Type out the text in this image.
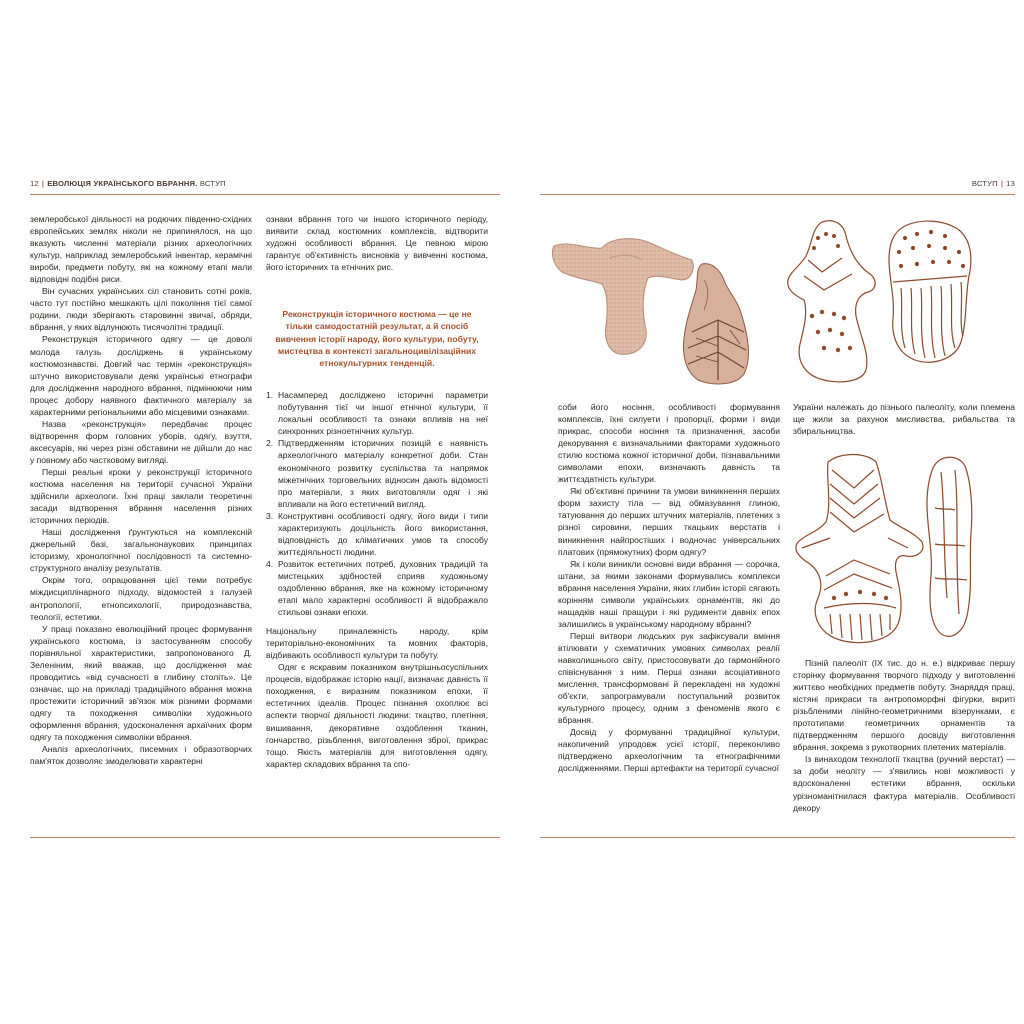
12 | ЕВОЛЮЦІЯ УКРАЇНСЬКОГО ВБРАННЯ. ВСТУП

землеробської діяльності на родючих південно-східних європейських землях ніколи не припинялося, на що вказують численні матеріали різних археологічних культур, наприклад землеробський інвентар, керамічні вироби, предмети побуту, які на кожному етапі мали відповідні подібні риси.

Він сучасних українських сіл становить сотні років, часто тут постійно мешкають цілі покоління тієї самої родини, люди зберігають старовинні звичаї, обряди, вбрання, у яких відлунюють тисячолітні традиції.

Реконструкція історичного одягу — це доволі молода галузь досліджень в українському костюмознавстві. Довгий час термін «реконструкція» штучно використовували деякі українські етнографи для дослідження народного вбрання, підмінюючи ним процес добору наявного фактичного матеріалу за характерними регіональними або місцевими ознаками.

Назва «реконструкція» передбачає процес відтворення форм головних уборів, одягу, взуття, аксесуарів, які через різні обставини не дійшли до нас у повному або частковому вигляді.

Перші реальні кроки у реконструкції історичного костюма населення на території сучасної України здійснили археологи. Їхні праці заклали теоретичні засади відтворення вбрання населення різних історичних періодів.

Наші дослідження ґрунтуються на комплексній джерельній базі, загальнонаукових принципах історизму, хронологічної послідовності та системно-структурного аналізу результатів.

Окрім того, опрацювання цієї теми потребує міждисциплінарного підходу, відомостей з галузей антропології, етнопсихології, природознавства, теології, естетики.

У праці показано еволюційний процес формування українського костюма, із застосуванням способу порівняльної характеристики, запропонованого Д. Зеленіним, який вважав, що дослідження має проводитись «від сучасності в глибину століть». Це означає, що на прикладі традиційного вбрання можна простежити історичний зв'язок між різними формами одягу та походження символіки художнього оформлення вбрання, удосконалення архаїчних форм одягу та походження символіки вбрання.

Аналіз археологічних, писемних і образотворчих пам'яток дозволяє змоделювати характерні

ознаки вбрання того чи іншого історичного періоду, виявити склад костюмних комплексів, відтворити художні особливості вбрання. Це певною мірою гарантує об'єктивність висновків у вивченні костюма, його історичних та етнічних рис.

Реконструкція історичного костюма — це не тільки самодостатній результат, а й спосіб вивчення історії народу, його культури, побуту, мистецтва в контексті загальноцивілізаційних етнокультурних тенденцій.
1. Насамперед досліджено історичні параметри побутування тієї чи іншої етнічної культури, її локальні особливості та ознаки впливів на неї синхронних різноетнічних культур.
2. Підтвердженням історичних позицій є наявність археологічного матеріалу конкретної доби. Стан економічного розвитку суспільства та напрямок міжетнічних торговельних відносин дають відомості про матеріали, з яких виготовляли одяг і які впливали на його естетичний вигляд.
3. Конструктивні особливості одягу, його види і типи характеризують доцільність його використання, відповідність до кліматичних умов та способу життєдіяльності людини.
4. Розвиток естетичних потреб, духовних традицій та мистецьких здібностей сприяв художньому оздобленню вбрання, яке на кожному історичному етапі мало характерні особливості й відображало стильові ознаки епохи.

Національну приналежність народу, крім територіально-економічних та мовних факторів, відбивають особливості культури та побуту.

Одяг є яскравим показником внутрішньосуспільних процесів, відображає історію нації, визначає давність її походження, є виразним показником епохи, її естетичних ідеалів. Процес пізнання охоплює всі аспекти творчої діяльності людини: ткацтво, плетіння, вишивання, декоративне оздоблення тканин, гончарство, різьблення, виготовлення зброї, прикрас тощо. Якість матеріалів для виготовлення одягу, характер складових вбрання та спо-

ВСТУП | 13

соби його носіння, особливості формування комплексів, їхні силуети і пропорції, форми і види прикрас, способи носіння та призначення, засоби декорування є визначальними факторами художнього стилю костюма кожної історичної доби, пізнавальними символами епохи, визначають давність та життєздатність культури.

Які об'єктивні причини та умови виникнення перших форм захисту тіла — від обмазування глиною, татуювання до перших штучних матеріалів, плетених з різної сировини, перших ткацьких верстатів і виникнення найпростіших і водночас універсальних платових (прямокутних) форм одягу?

Як і коли виникли основні види вбрання — сорочка, штани, за якими законами формувались комплекси вбрання населення України, яких глибин історії сягають корінням символи українських орнаментів, які до нащадків наші пращури і які рудименти давніх епох залишились в українському народному вбранні?

Перші витвори людських рук зафіксували вміння втілювати у схематичних умовних символах реалії навколишнього світу, пристосовувати до гармонійного співіснування з ним. Перші ознаки асоціативного мислення, трансформовані й перекладені на художні об'єкти, запрограмували поступальний розвиток культурного процесу, одним з феноменів якого є вбрання.

Досвід у формуванні традиційної культури, накопичений упродовж усієї історії, переконливо підтверджено археологічним та етнографічними дослідженнями. Перші артефакти на території сучасної

України належать до пізнього палеоліту, коли племена ще жили за рахунок мисливства, рибальства та збиральництва.

Пізній палеоліт (IX тис. до н. е.) відкриває першу сторінку формування творчого підходу у виготовленні життєво необхідних предметів побуту. Знаряддя праці, кістяні прикраси та антропоморфні фігурки, вкриті різьбленими лінійно-геометричними візерунками, є прототипами геометричних орнаментів та підтвердженням першого досвіду виготовлення вбрання, зокрема з рукотворних плетених матеріалів.

Із винаходом технології ткацтва (ручний верстат) — за доби неоліту — з'явились нові можливості у вдосконаленні естетики вбрання, оскільки урізноманітнилася фактура матеріалів. Особливості декору
